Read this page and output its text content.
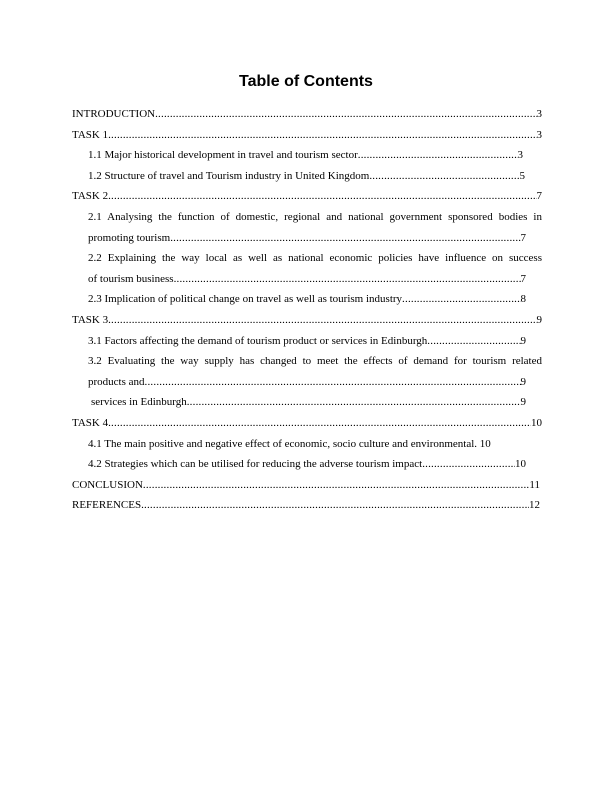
Table of Contents
INTRODUCTION .....	3
TASK 1 .....	3
1.1 Major historical development in travel and tourism sector .....	3
1.2 Structure of travel and Tourism industry in United Kingdom .....	5
TASK 2 .....	7
2.1 Analysing the function of domestic, regional and national government sponsored bodies in
promoting tourism .....	7
2.2 Explaining the way local as well as national economic policies have influence on success
of tourism business .....	7
2.3 Implication of political change on travel as well as tourism industry .....	8
TASK 3 .....	9
3.1 Factors affecting the demand of tourism product or services in Edinburgh .....	9
3.2 Evaluating the way supply has changed to meet the effects of demand for tourism related
products and .....	9
services in Edinburgh .....	9
TASK 4 .....	10
4.1 The main positive and negative effect of economic, socio culture and environmental. 10
4.2 Strategies which can be utilised for reducing the adverse tourism impact .....	10
CONCLUSION .....	11
REFERENCES .....	12
